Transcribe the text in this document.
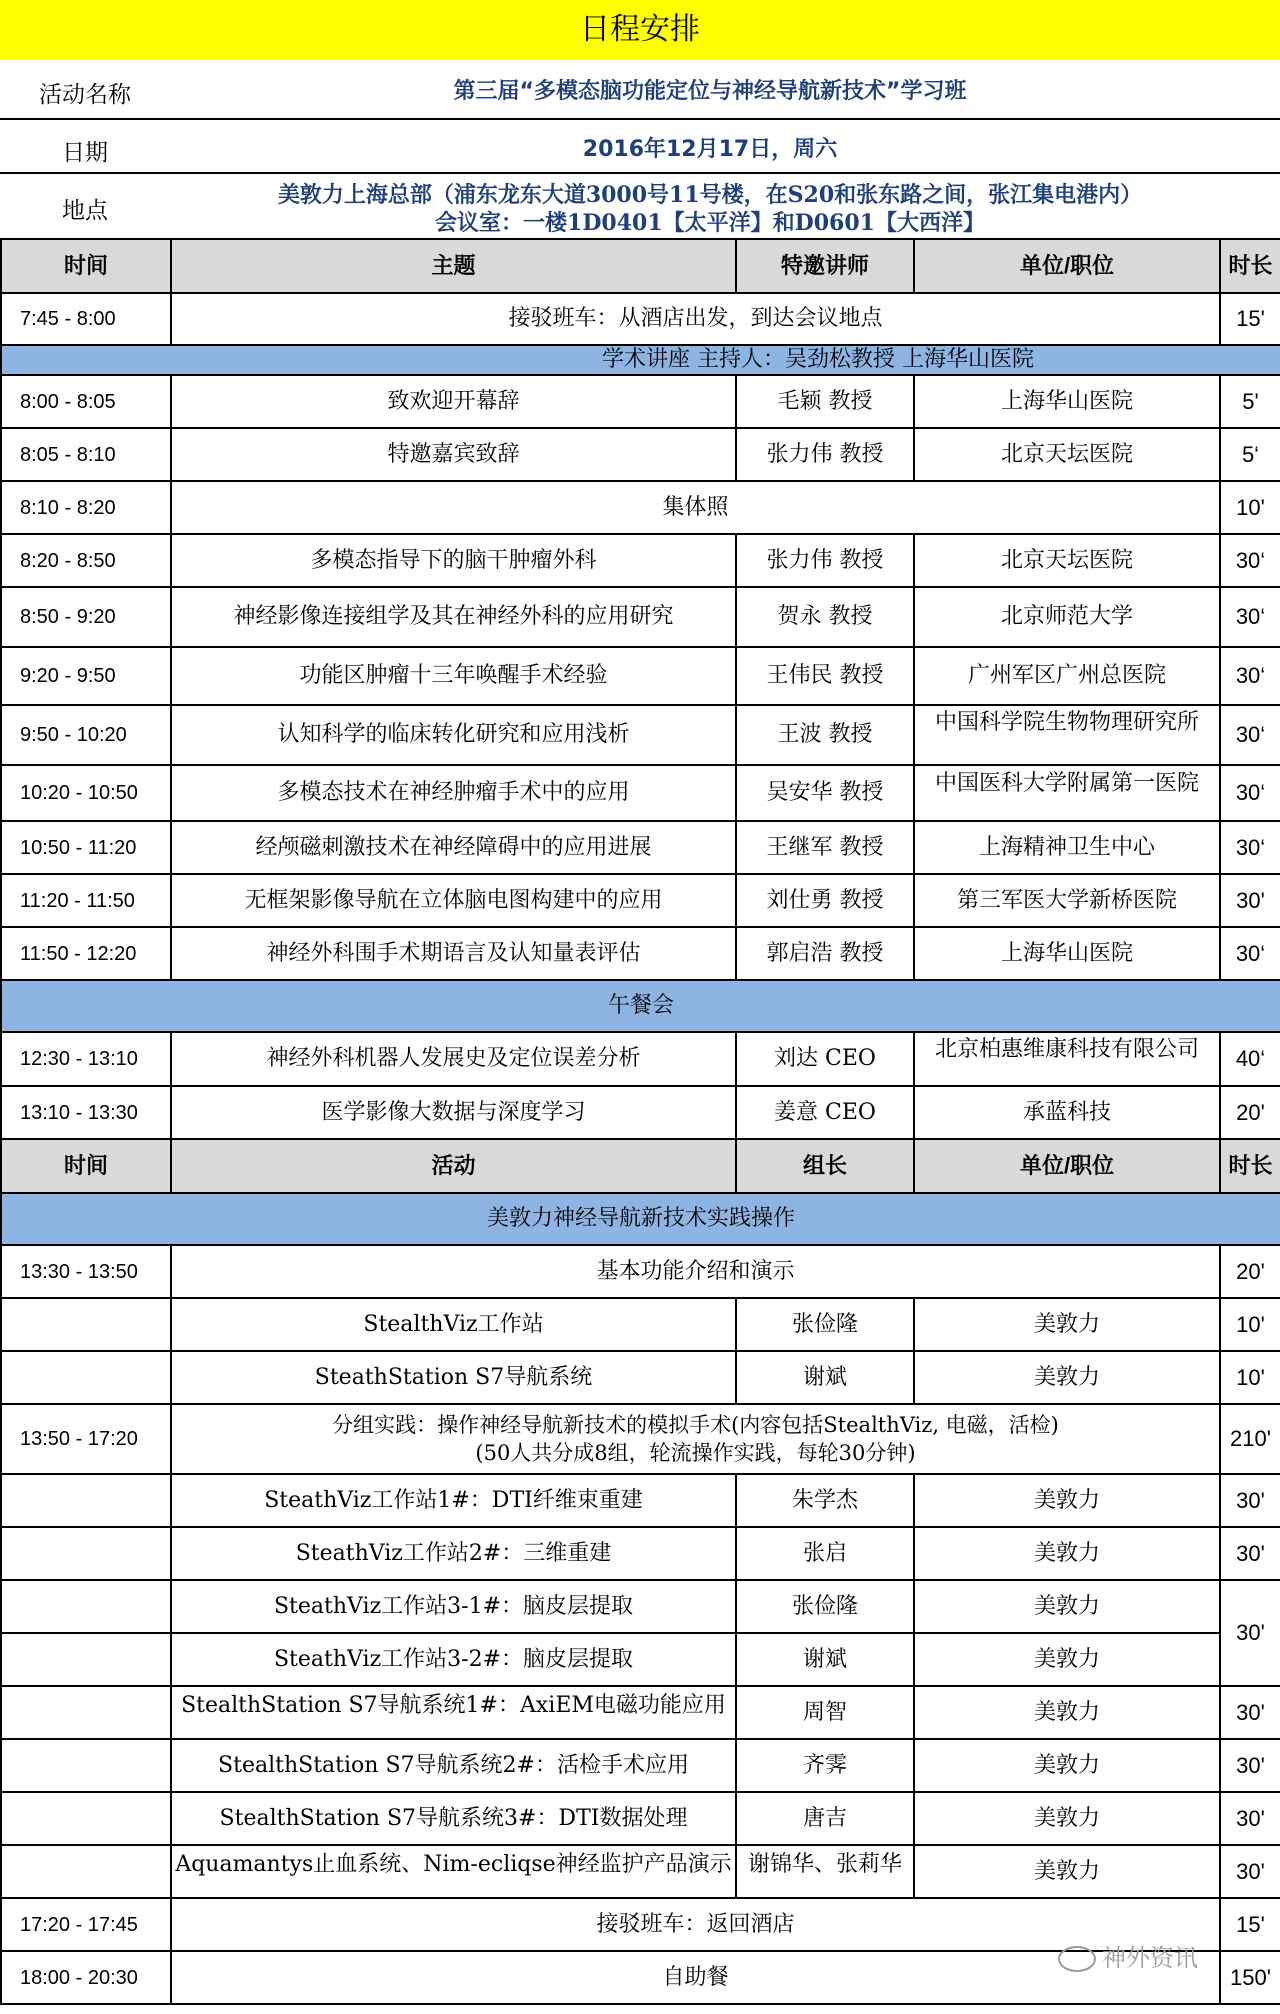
日程安排
活动名称	第三届“多模态脑功能定位与神经导航新技术”学习班
日期	2016年12月17日，周六
地点
美敦力上海总部（浦东龙东大道3000号11号楼，在S20和张东路之间，张江集电港内）
会议室：一楼1D0401【太平洋】和D0601【大西洋】
时间	主题	特邀讲师	单位/职位	时长
7:45 - 8:00	接驳班车：从酒店出发，到达会议地点			15'
学术讲座 主持人：吴劲松教授 上海华山医院				
8:00 - 8:05	致欢迎开幕辞	毛颖 教授	上海华山医院	5'
8:05 - 8:10	特邀嘉宾致辞	张力伟 教授	北京天坛医院	5‘
8:10 - 8:20	集体照			10'
8:20 - 8:50	多模态指导下的脑干肿瘤外科	张力伟 教授	北京天坛医院	30‘
8:50 - 9:20	神经影像连接组学及其在神经外科的应用研究	贺永 教授	北京师范大学	30‘
9:20 - 9:50	功能区肿瘤十三年唤醒手术经验	王伟民 教授	广州军区广州总医院	30‘
9:50 - 10:20	认知科学的临床转化研究和应用浅析	王波 教授	中国科学院生物物理研究所	30‘
10:20 - 10:50	多模态技术在神经肿瘤手术中的应用	吴安华 教授	中国医科大学附属第一医院	30‘
10:50 - 11:20	经颅磁刺激技术在神经障碍中的应用进展	王继军 教授	上海精神卫生中心	30‘
11:20 - 11:50	无框架影像导航在立体脑电图构建中的应用	刘仕勇 教授	第三军医大学新桥医院	30'
11:50 - 12:20	神经外科围手术期语言及认知量表评估	郭启浩 教授	上海华山医院	30‘
午餐会				
12:30 - 13:10	神经外科机器人发展史及定位误差分析	刘达 CEO	北京柏惠维康科技有限公司	40‘
13:10 - 13:30	医学影像大数据与深度学习	姜意 CEO	承蓝科技	20'
时间	活动	组长	单位/职位	时长
美敦力神经导航新技术实践操作				
13:30 - 13:50	基本功能介绍和演示			20'
	StealthViz工作站	张俭隆	美敦力	10'
	SteathStation S7导航系统	谢斌	美敦力	10'
13:50 - 17:20	分组实践：操作神经导航新技术的模拟手术(内容包括StealthViz, 电磁，活检)
(50人共分成8组，轮流操作实践，每轮30分钟)			210'
	SteathViz工作站1#：DTI纤维束重建	朱学杰	美敦力	30'
	SteathViz工作站2#：三维重建	张启	美敦力	30'
	SteathViz工作站3-1#：脑皮层提取	张俭隆	美敦力	30'
	SteathViz工作站3-2#：脑皮层提取	谢斌	美敦力	

	StealthStation S7导航系统1#：AxiEM电磁功能应用	周智	美敦力	30'
	StealthStation S7导航系统2#：活检手术应用	齐霁	美敦力	30'
	StealthStation S7导航系统3#：DTI数据处理	唐吉	美敦力	30'

	Aquamantys止血系统、Nim-ecliqse神经监护产品演示	谢锦华、张莉华	美敦力	30'
17:20 - 17:45	接驳班车：返回酒店			15'
18:00 - 20:30	自助餐			150'
神外资讯
